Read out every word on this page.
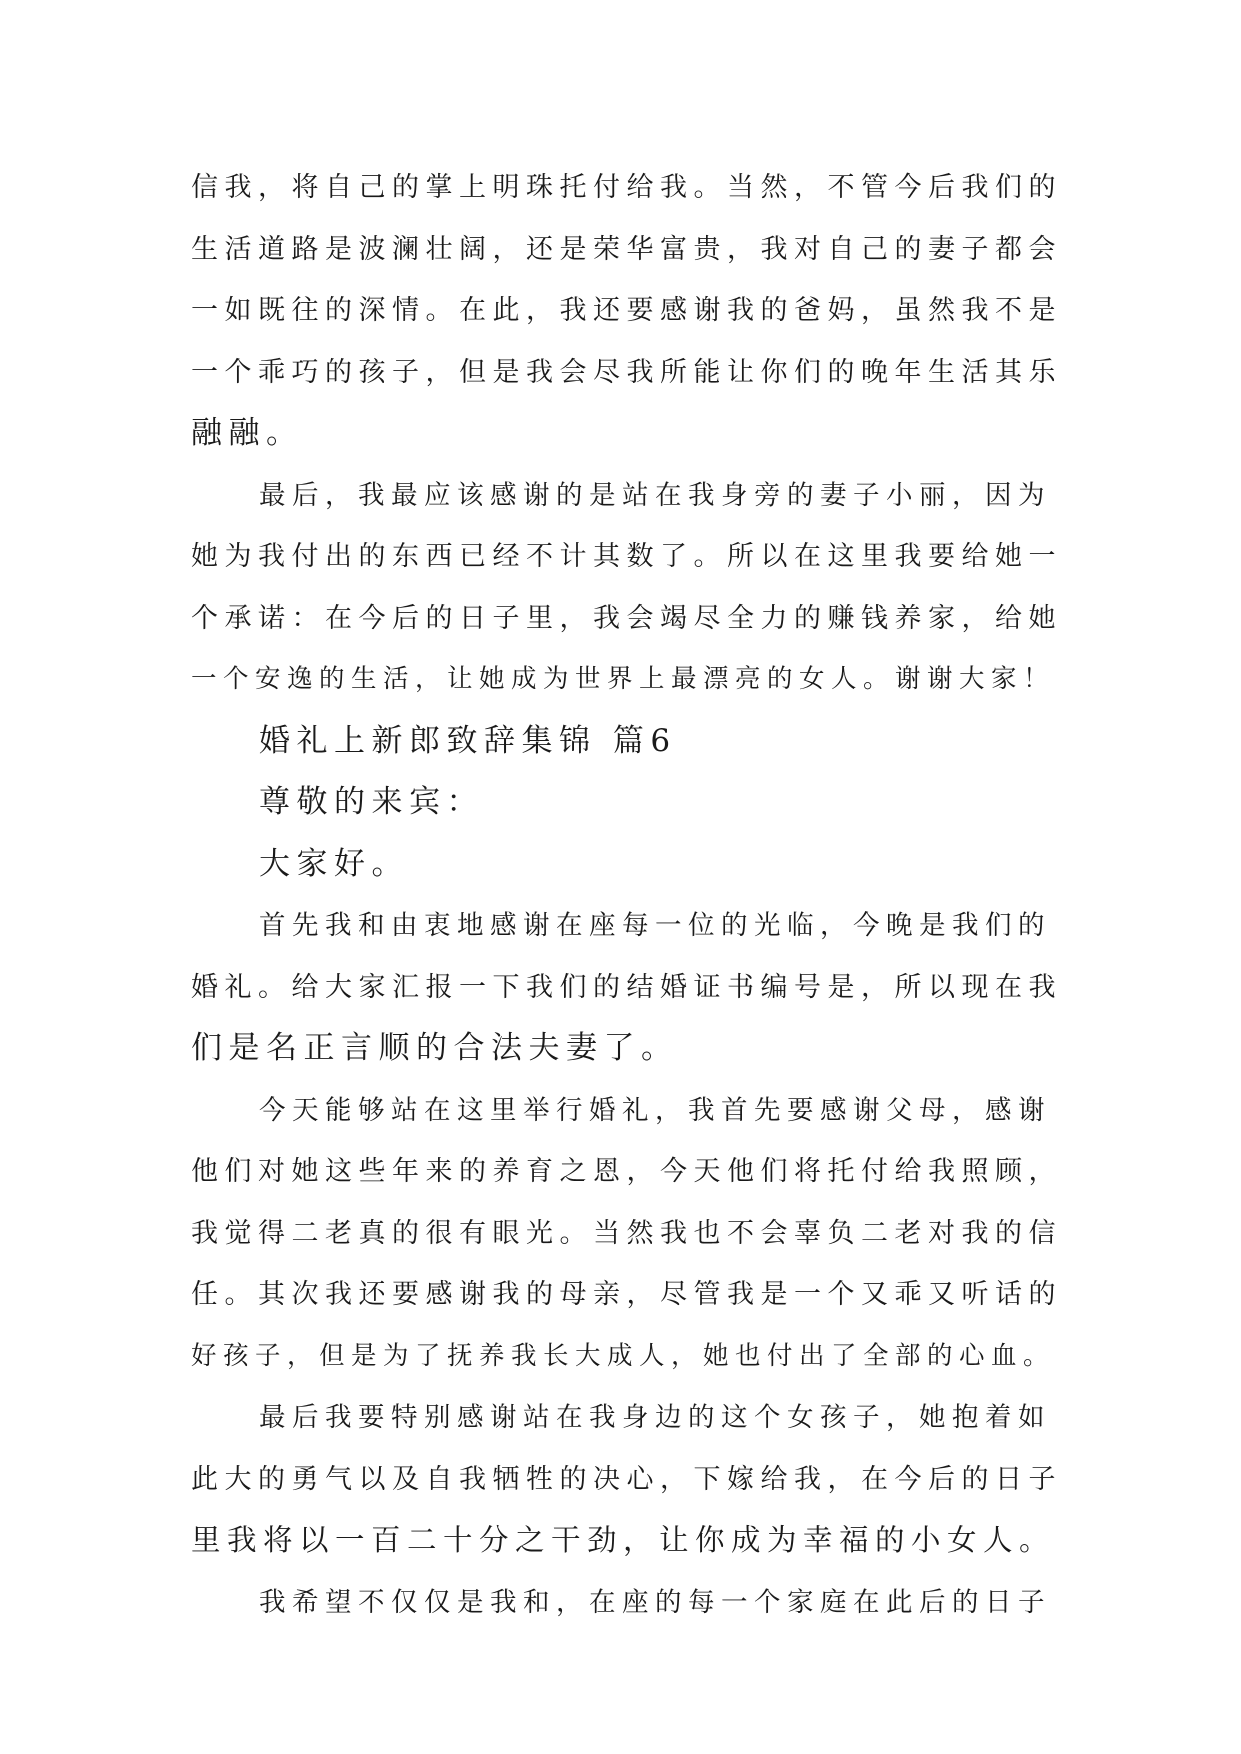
信我，将自己的掌上明珠托付给我。当然，不管今后我们的
生活道路是波澜壮阔，还是荣华富贵，我对自己的妻子都会
一如既往的深情。在此，我还要感谢我的爸妈，虽然我不是
一个乖巧的孩子，但是我会尽我所能让你们的晚年生活其乐
融融。
最后，我最应该感谢的是站在我身旁的妻子小丽，因为
她为我付出的东西已经不计其数了。所以在这里我要给她一
个承诺：在今后的日子里，我会竭尽全力的赚钱养家，给她
一个安逸的生活，让她成为世界上最漂亮的女人。谢谢大家！
婚礼上新郎致辞集锦 篇6
尊敬的来宾：
大家好。
首先我和由衷地感谢在座每一位的光临，今晚是我们的
婚礼。给大家汇报一下我们的结婚证书编号是，所以现在我
们是名正言顺的合法夫妻了。
今天能够站在这里举行婚礼，我首先要感谢父母，感谢
他们对她这些年来的养育之恩，今天他们将托付给我照顾，
我觉得二老真的很有眼光。当然我也不会辜负二老对我的信
任。其次我还要感谢我的母亲，尽管我是一个又乖又听话的
好孩子，但是为了抚养我长大成人，她也付出了全部的心血。
最后我要特别感谢站在我身边的这个女孩子，她抱着如
此大的勇气以及自我牺牲的决心，下嫁给我，在今后的日子
里我将以一百二十分之干劲，让你成为幸福的小女人。
我希望不仅仅是我和，在座的每一个家庭在此后的日子
